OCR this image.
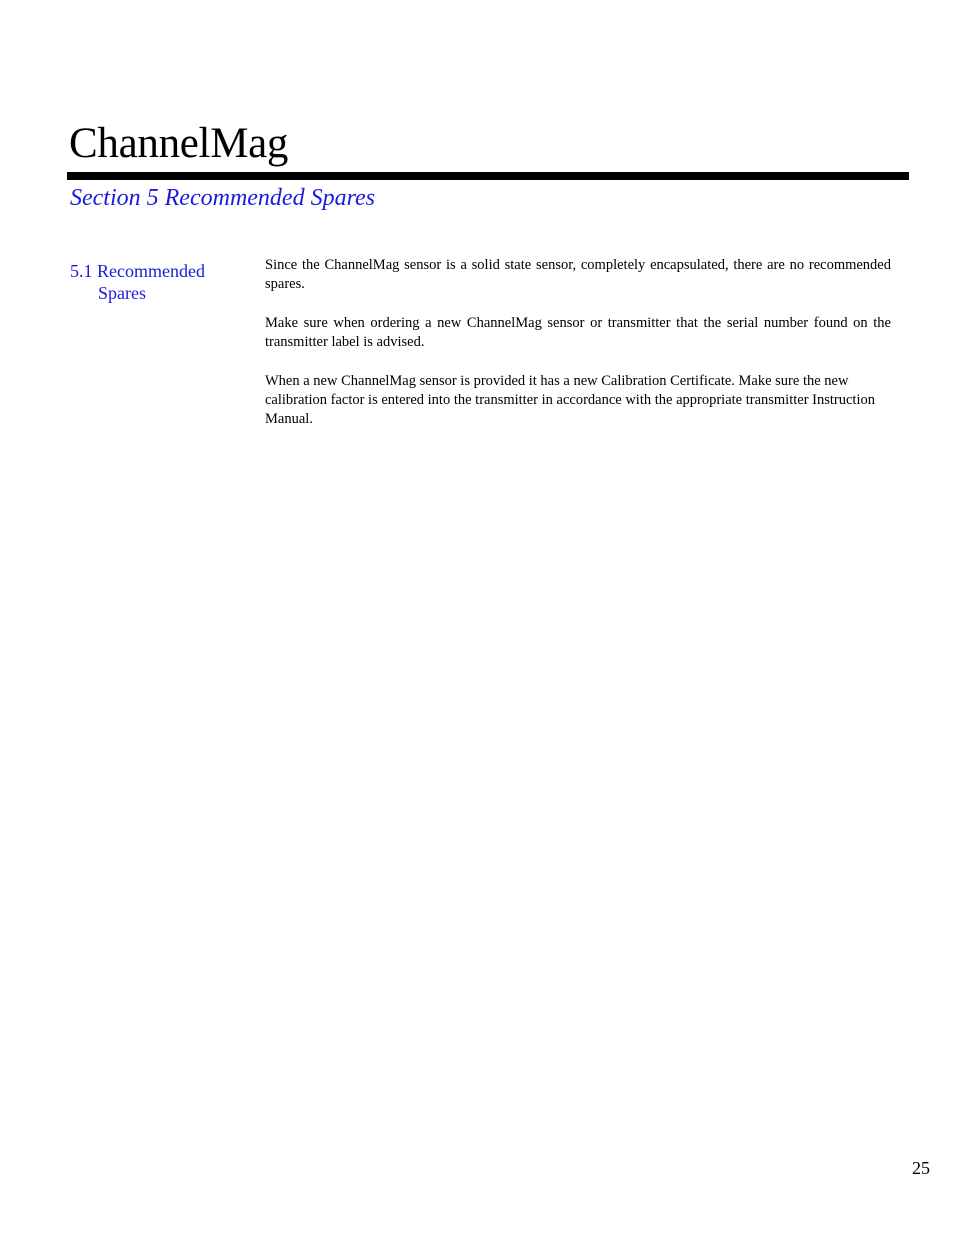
ChannelMag
Section 5 Recommended Spares
5.1 Recommended
Spares

Since the ChannelMag sensor is a solid state sensor, completely encapsulated, there are no recommended spares.

Make sure when ordering a new ChannelMag sensor or transmitter that the serial number found on the transmitter label is advised.

When a new ChannelMag sensor is provided it has a new Calibration Certificate. Make sure the new calibration factor is entered into the transmitter in accordance with the appropriate transmitter Instruction Manual.

25
